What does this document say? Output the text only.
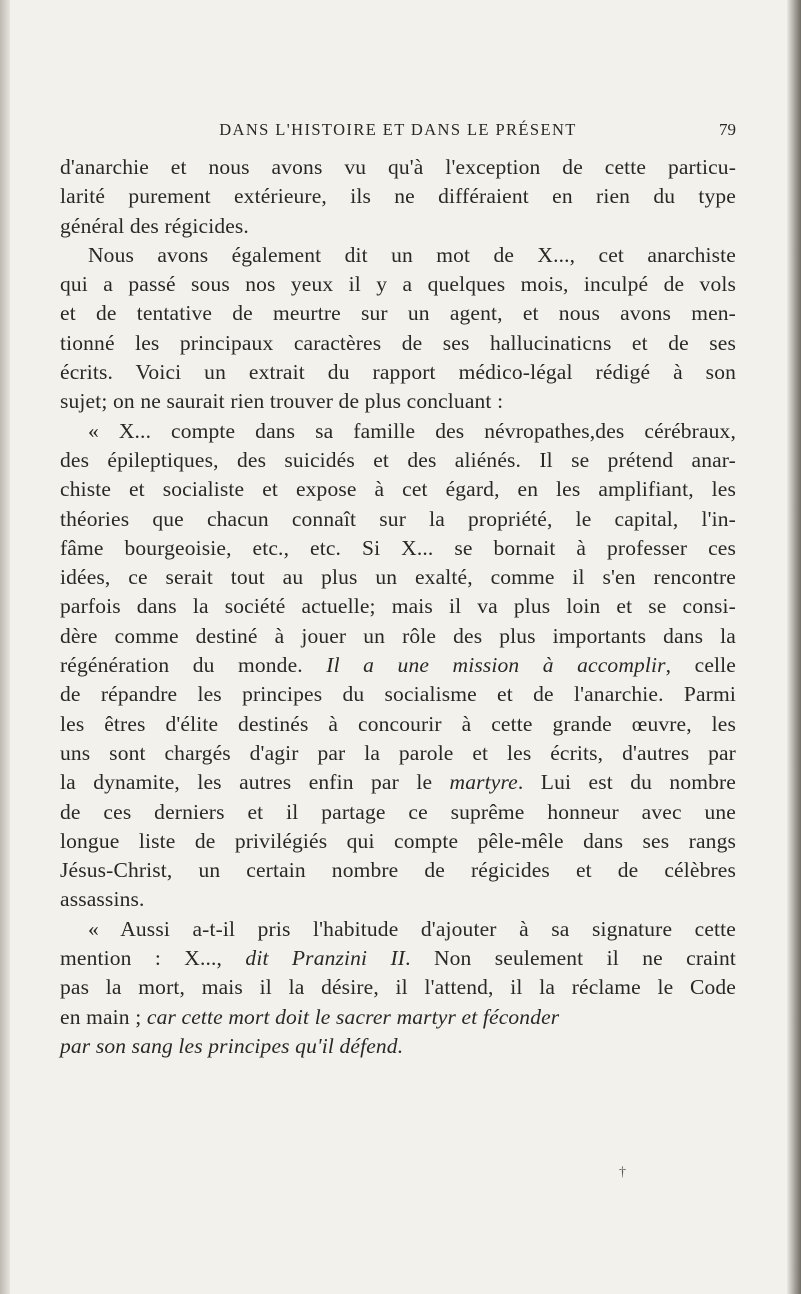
DANS L'HISTOIRE ET DANS LE PRÉSENT	79
d'anarchie et nous avons vu qu'à l'exception de cette particu-
larité purement extérieure, ils ne différaient en rien du type
général des régicides.
Nous avons également dit un mot de X..., cet anarchiste
qui a passé sous nos yeux il y a quelques mois, inculpé de vols
et de tentative de meurtre sur un agent, et nous avons men-
tionné les principaux caractères de ses hallucinaticns et de ses
écrits. Voici un extrait du rapport médico-légal rédigé à son
sujet; on ne saurait rien trouver de plus concluant :
« X... compte dans sa famille des névropathes,des cérébraux,
des épileptiques, des suicidés et des aliénés. Il se prétend anar-
chiste et socialiste et expose à cet égard, en les amplifiant, les
théories que chacun connaît sur la propriété, le capital, l'in-
fâme bourgeoisie, etc., etc. Si X... se bornait à professer ces
idées, ce serait tout au plus un exalté, comme il s'en rencontre
parfois dans la société actuelle; mais il va plus loin et se consi-
dère comme destiné à jouer un rôle des plus importants dans la
régénération du monde. Il a une mission à accomplir, celle
de répandre les principes du socialisme et de l'anarchie. Parmi
les êtres d'élite destinés à concourir à cette grande œuvre, les
uns sont chargés d'agir par la parole et les écrits, d'autres par
la dynamite, les autres enfin par le martyre. Lui est du nombre
de ces derniers et il partage ce suprême honneur avec une
longue liste de privilégiés qui compte pêle-mêle dans ses rangs
Jésus-Christ, un certain nombre de régicides et de célèbres
assassins.
« Aussi a-t-il pris l'habitude d'ajouter à sa signature cette
mention : X..., dit Pranzini II. Non seulement il ne craint
pas la mort, mais il la désire, il l'attend, il la réclame le Code
en main ; car cette mort doit le sacrer martyr et féconder
par son sang les principes qu'il défend.
†
